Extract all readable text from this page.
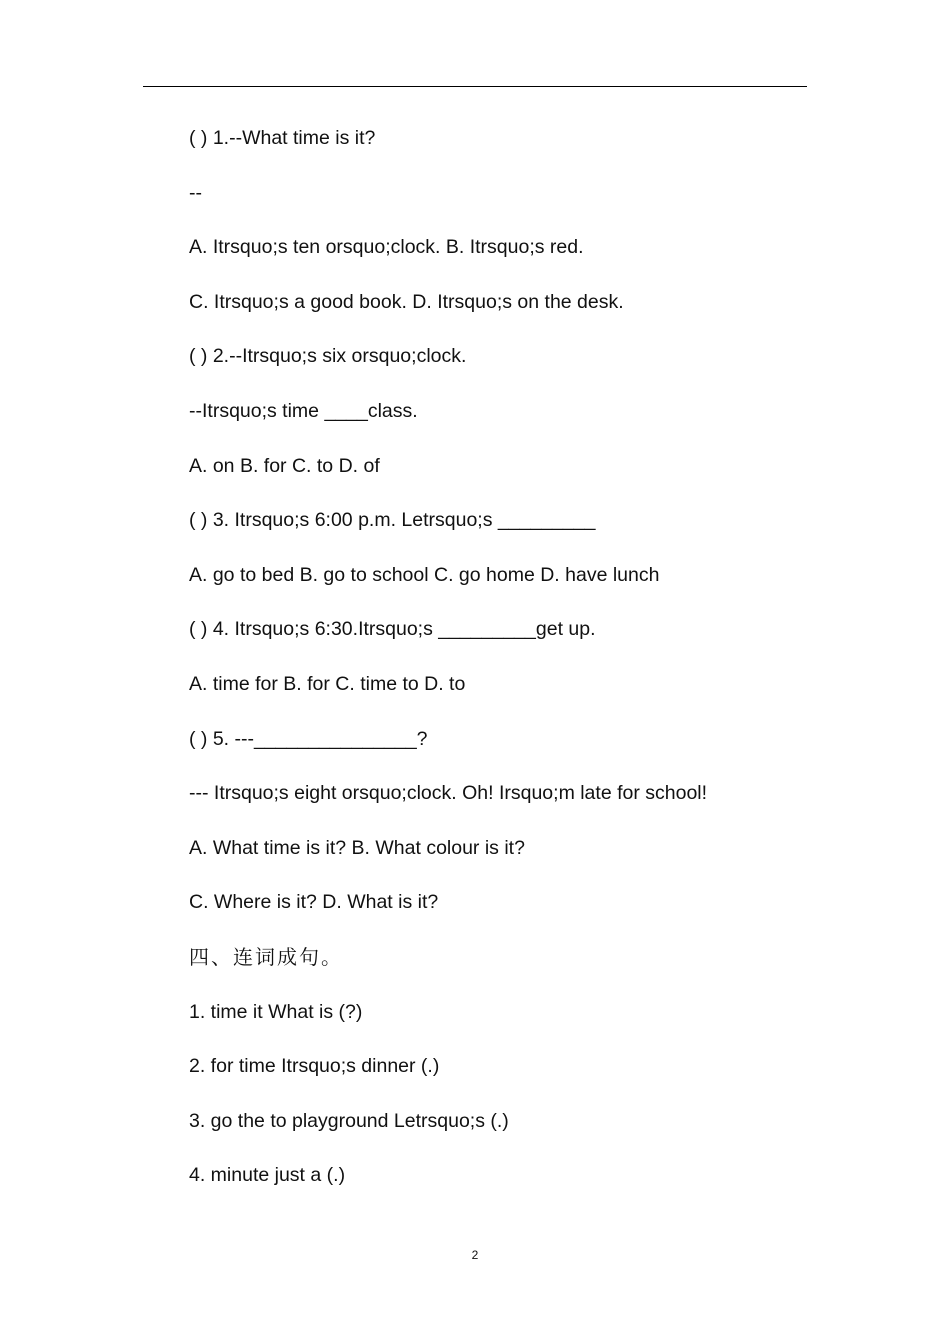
( ) 1.--What time is it?
--
A. Itrsquo;s ten orsquo;clock. B. Itrsquo;s red.
C. Itrsquo;s a good book. D. Itrsquo;s on the desk.
( ) 2.--Itrsquo;s six orsquo;clock.
--Itrsquo;s time ____class.
A. on B. for C. to D. of
( ) 3. Itrsquo;s 6:00 p.m. Letrsquo;s _________
A. go to bed B. go to school C. go home D. have lunch
( ) 4. Itrsquo;s 6:30.Itrsquo;s _________get up.
A. time for B. for C. time to D. to
( ) 5. ---_______________?
--- Itrsquo;s eight orsquo;clock. Oh! Irsquo;m late for school!
A. What time is it? B. What colour is it?
C. Where is it? D. What is it?
四、连词成句。
1. time it What is (?)
2. for time Itrsquo;s dinner (.)
3. go the to playground Letrsquo;s (.)
4. minute just a (.)
2
